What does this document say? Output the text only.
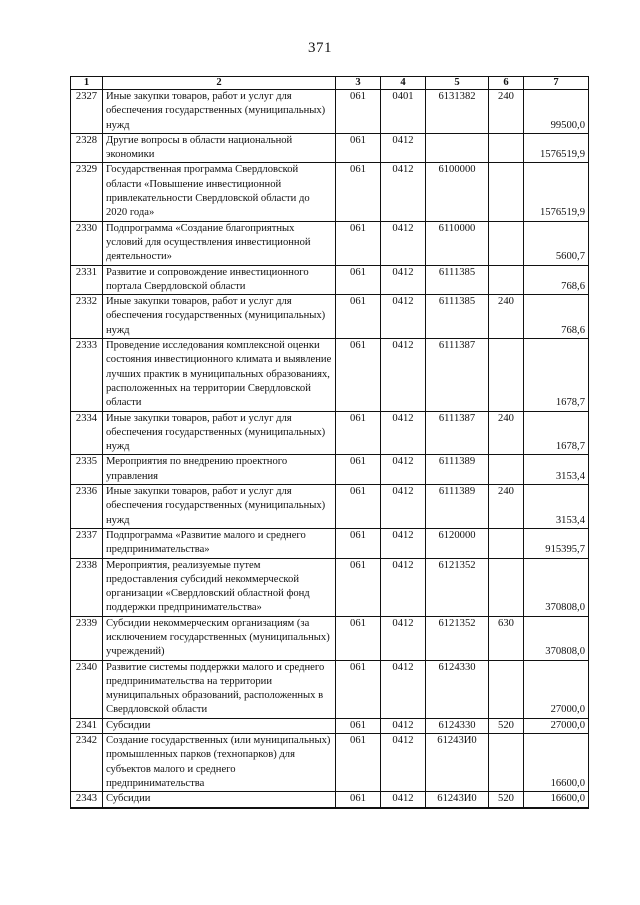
371
1	2	3	4	5	6	7
2327	Иные закупки товаров, работ и услуг для обеспечения государственных (муниципальных) нужд	061	0401	6131382	240	99500,0
2328	Другие вопросы в области национальной экономики	061	0412			1576519,9
2329	Государственная программа Свердловской области «Повышение инвестиционной привлекательности Свердловской области до 2020 года»	061	0412	6100000		1576519,9
2330	Подпрограмма «Создание благоприятных условий для осуществления инвестиционной деятельности»	061	0412	6110000		5600,7
2331	Развитие и сопровождение инвестиционного портала Свердловской области	061	0412	6111385		768,6
2332	Иные закупки товаров, работ и услуг для обеспечения государственных (муниципальных) нужд	061	0412	6111385	240	768,6
2333	Проведение исследования комплексной оценки состояния инвестиционного климата и выявление лучших практик в муниципальных образованиях, расположенных на территории Свердловской области	061	0412	6111387		1678,7
2334	Иные закупки товаров, работ и услуг для обеспечения государственных (муниципальных) нужд	061	0412	6111387	240	1678,7
2335	Мероприятия по внедрению проектного управления	061	0412	6111389		3153,4
2336	Иные закупки товаров, работ и услуг для обеспечения государственных (муниципальных) нужд	061	0412	6111389	240	3153,4
2337	Подпрограмма «Развитие малого и среднего предпринимательства»	061	0412	6120000		915395,7
2338	Мероприятия, реализуемые путем предоставления субсидий некоммерческой организации «Свердловский областной фонд поддержки предпринимательства»	061	0412	6121352		370808,0
2339	Субсидии некоммерческим организациям (за исключением государственных (муниципальных) учреждений)	061	0412	6121352	630	370808,0
2340	Развитие системы поддержки малого и среднего предпринимательства на территории муниципальных образований, расположенных в Свердловской области	061	0412	6124330		27000,0
2341	Субсидии	061	0412	6124330	520	27000,0
2342	Создание государственных (или муниципальных) промышленных парков (технопарков) для субъектов малого и среднего предпринимательства	061	0412	61243И0		16600,0
2343	Субсидии	061	0412	61243И0	520	16600,0
